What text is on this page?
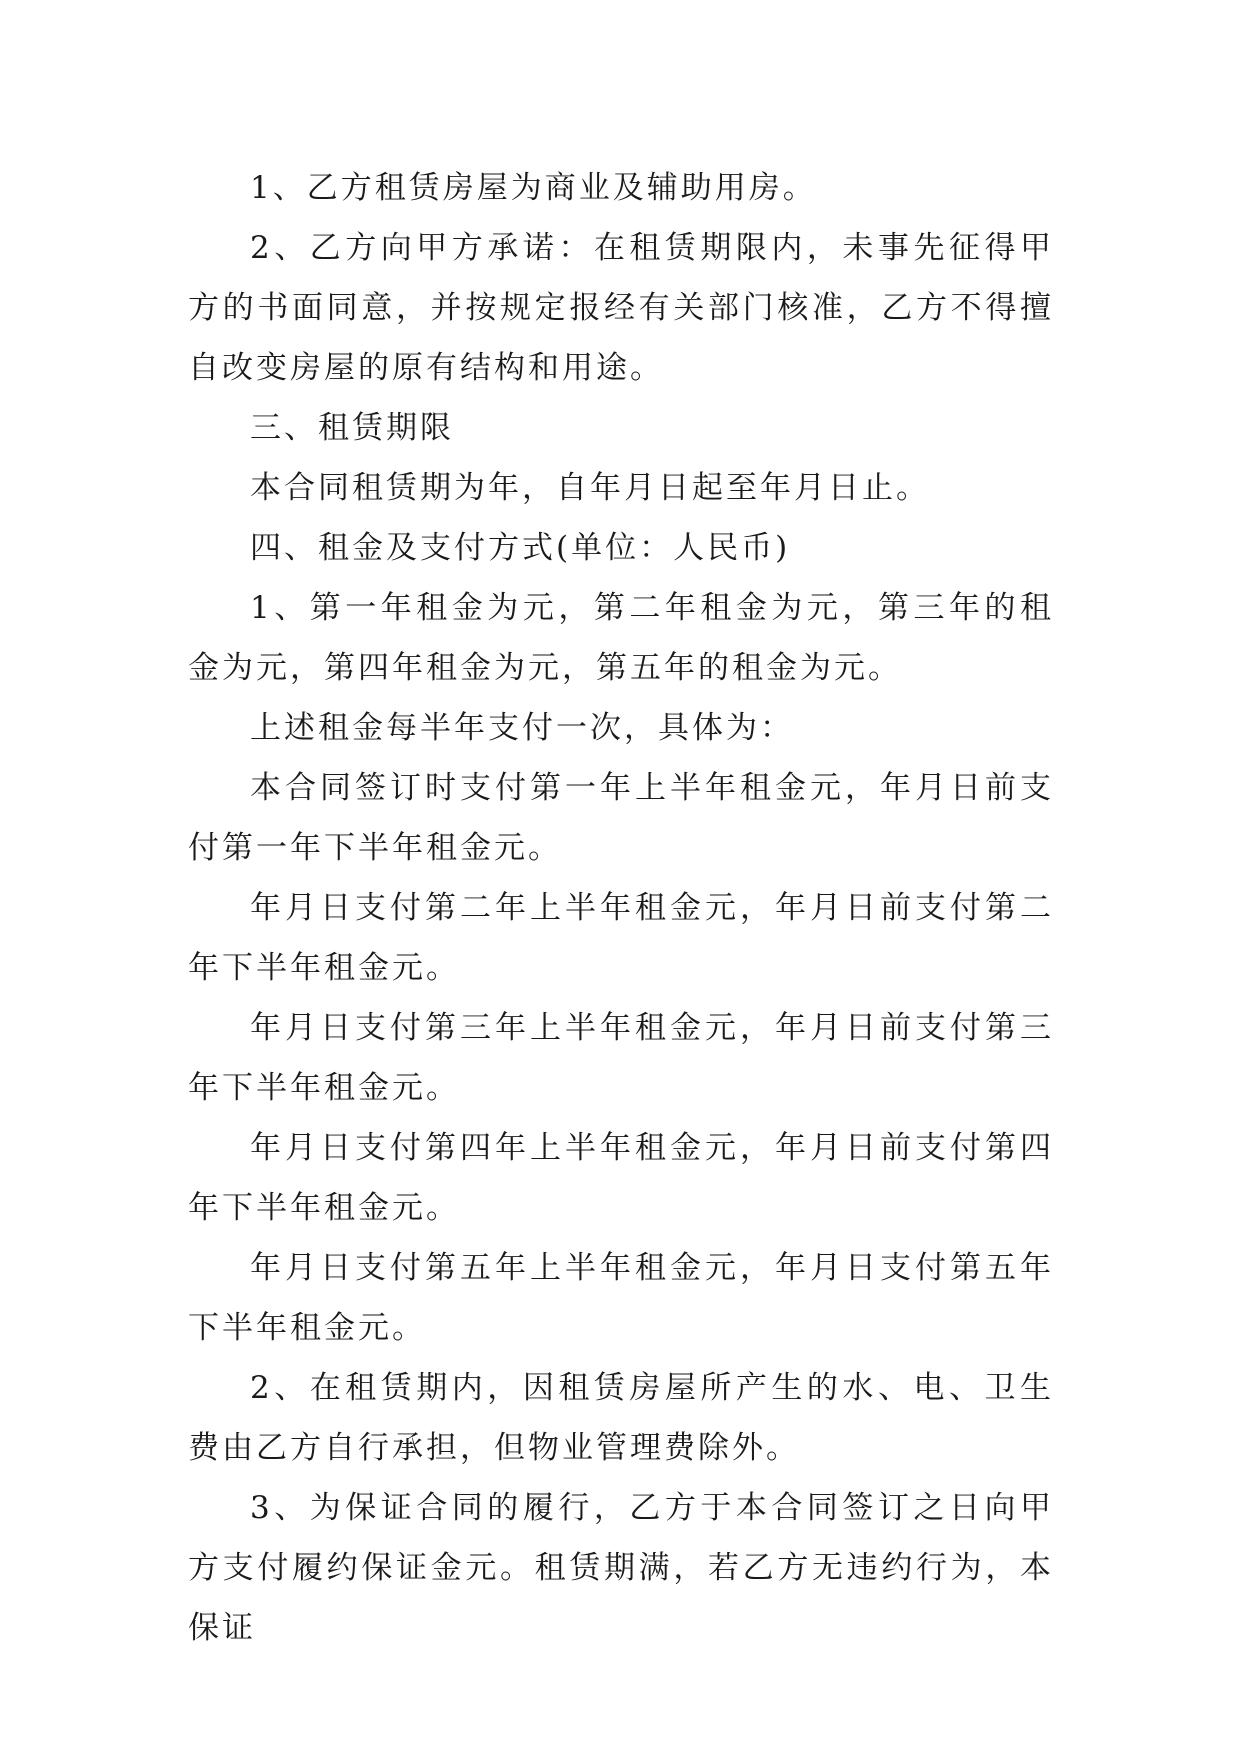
1、乙方租赁房屋为商业及辅助用房。

2、乙方向甲方承诺：在租赁期限内，未事先征得甲方的书面同意，并按规定报经有关部门核准，乙方不得擅自改变房屋的原有结构和用途。

三、租赁期限

本合同租赁期为年，自年月日起至年月日止。

四、租金及支付方式(单位：人民币)

1、第一年租金为元，第二年租金为元，第三年的租金为元，第四年租金为元，第五年的租金为元。

上述租金每半年支付一次，具体为：

本合同签订时支付第一年上半年租金元，年月日前支付第一年下半年租金元。

年月日支付第二年上半年租金元，年月日前支付第二年下半年租金元。

年月日支付第三年上半年租金元，年月日前支付第三年下半年租金元。

年月日支付第四年上半年租金元，年月日前支付第四年下半年租金元。

年月日支付第五年上半年租金元，年月日支付第五年下半年租金元。

2、在租赁期内，因租赁房屋所产生的水、电、卫生费由乙方自行承担，但物业管理费除外。

3、为保证合同的履行，乙方于本合同签订之日向甲方支付履约保证金元。租赁期满，若乙方无违约行为，本保证
